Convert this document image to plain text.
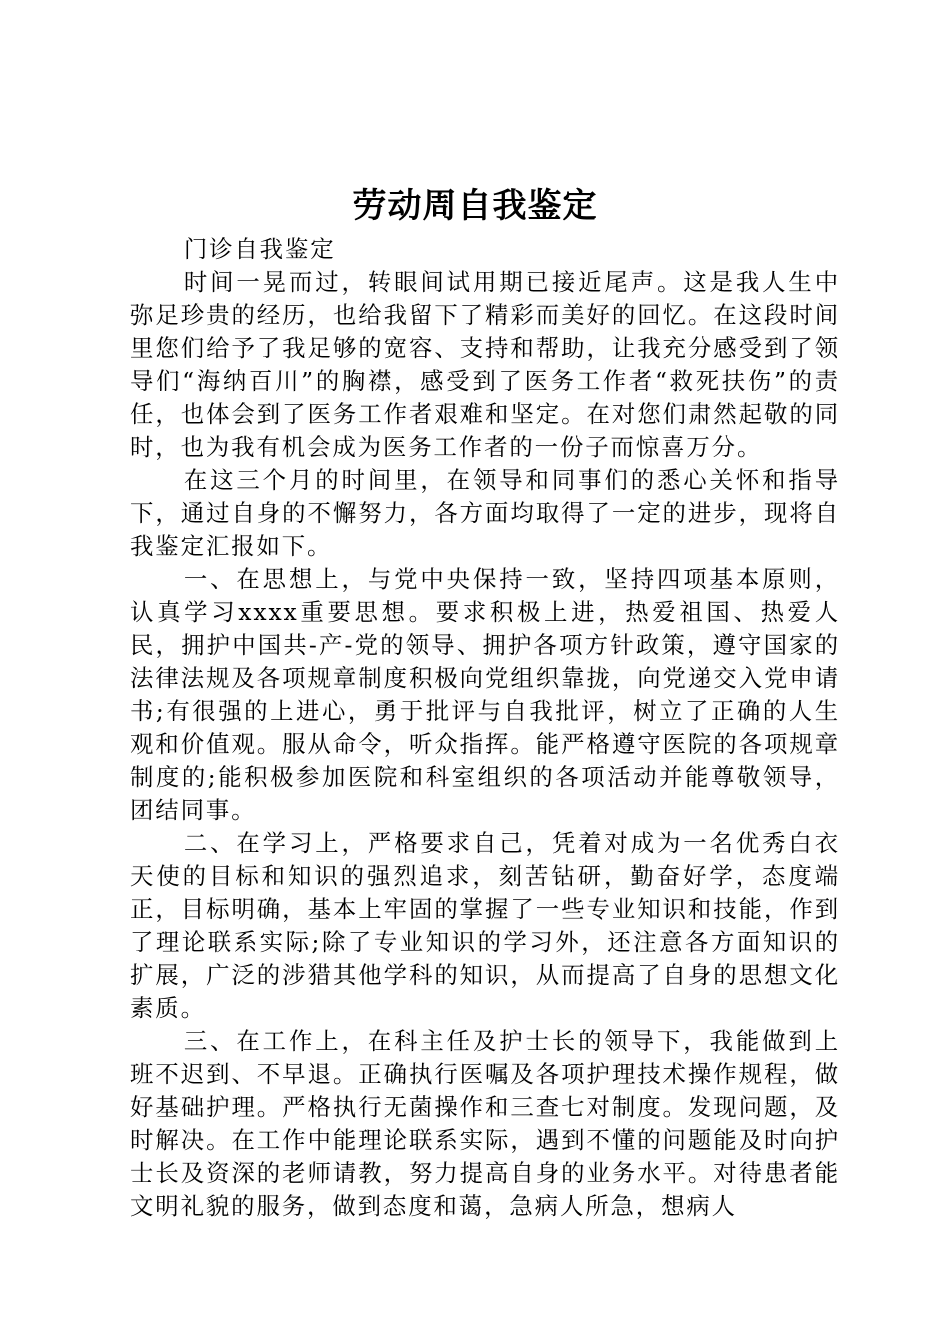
劳动周自我鉴定

门诊自我鉴定

时间一晃而过，转眼间试用期已接近尾声。这是我人生中弥足珍贵的经历，也给我留下了精彩而美好的回忆。在这段时间里您们给予了我足够的宽容、支持和帮助，让我充分感受到了领导们“海纳百川”的胸襟，感受到了医务工作者“救死扶伤”的责任，也体会到了医务工作者艰难和坚定。在对您们肃然起敬的同时，也为我有机会成为医务工作者的一份子而惊喜万分。

在这三个月的时间里，在领导和同事们的悉心关怀和指导下，通过自身的不懈努力，各方面均取得了一定的进步，现将自我鉴定汇报如下。

一、在思想上，与党中央保持一致，坚持四项基本原则，认真学习xxxx重要思想。要求积极上进，热爱祖国、热爱人民，拥护中国共-产-党的领导、拥护各项方针政策，遵守国家的法律法规及各项规章制度积极向党组织靠拢，向党递交入党申请书;有很强的上进心，勇于批评与自我批评，树立了正确的人生观和价值观。服从命令，听众指挥。能严格遵守医院的各项规章制度的;能积极参加医院和科室组织的各项活动并能尊敬领导，团结同事。

二、在学习上，严格要求自己，凭着对成为一名优秀白衣天使的目标和知识的强烈追求，刻苦钻研，勤奋好学，态度端正，目标明确，基本上牢固的掌握了一些专业知识和技能，作到了理论联系实际;除了专业知识的学习外，还注意各方面知识的扩展，广泛的涉猎其他学科的知识，从而提高了自身的思想文化素质。

三、在工作上，在科主任及护士长的领导下，我能做到上班不迟到、不早退。正确执行医嘱及各项护理技术操作规程，做好基础护理。严格执行无菌操作和三查七对制度。发现问题，及时解决。在工作中能理论联系实际，遇到不懂的问题能及时向护士长及资深的老师请教，努力提高自身的业务水平。对待患者能文明礼貌的服务，做到态度和蔼，急病人所急，想病人
